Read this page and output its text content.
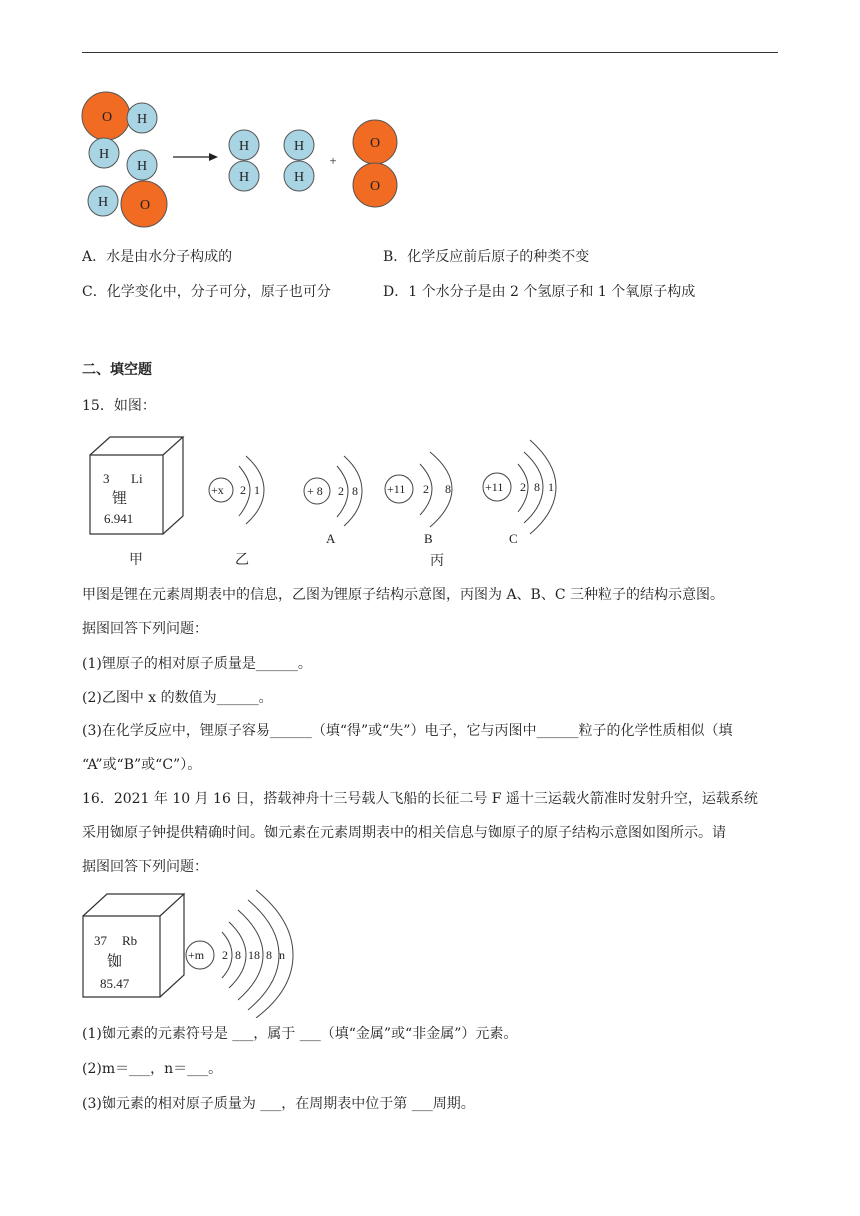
O H
H
H
H O
H
H
H
H
O
O
+
A．水是由水分子构成的	B．化学反应前后原子的种类不变
C．化学变化中，分子可分，原子也可分	D．1 个水分子是由 2 个氢原子和 1 个氧原子构成
二、填空题
15．如图：
3 Li
锂
6.941
+x 2 1	+ 8 2 8 +11 2 8	+11 2 8 1
甲	乙
A	B	C
丙
甲图是锂在元素周期表中的信息，乙图为锂原子结构示意图，丙图为 A、B、C 三种粒子的结构示意图。
据图回答下列问题：
(1)锂原子的相对原子质量是______。
(2)乙图中 x 的数值为______。
(3)在化学反应中，锂原子容易______（填“得”或“失”）电子，它与丙图中______粒子的化学性质相似（填
“A”或“B”或“C”）。
16．2021 年 10 月 16 日，搭载神舟十三号载人飞船的长征二号 F 遥十三运载火箭准时发射升空，运载系统
采用铷原子钟提供精确时间。铷元素在元素周期表中的相关信息与铷原子的原子结构示意图如图所示。请
据图回答下列问题：
37 Rb
铷
85.47
+m 2 8 18 8 n
(1)铷元素的元素符号是 ___，属于 ___（填“金属”或“非金属”）元素。
(2)m＝___，n＝___。
(3)铷元素的相对原子质量为 ___，在周期表中位于第 ___周期。
